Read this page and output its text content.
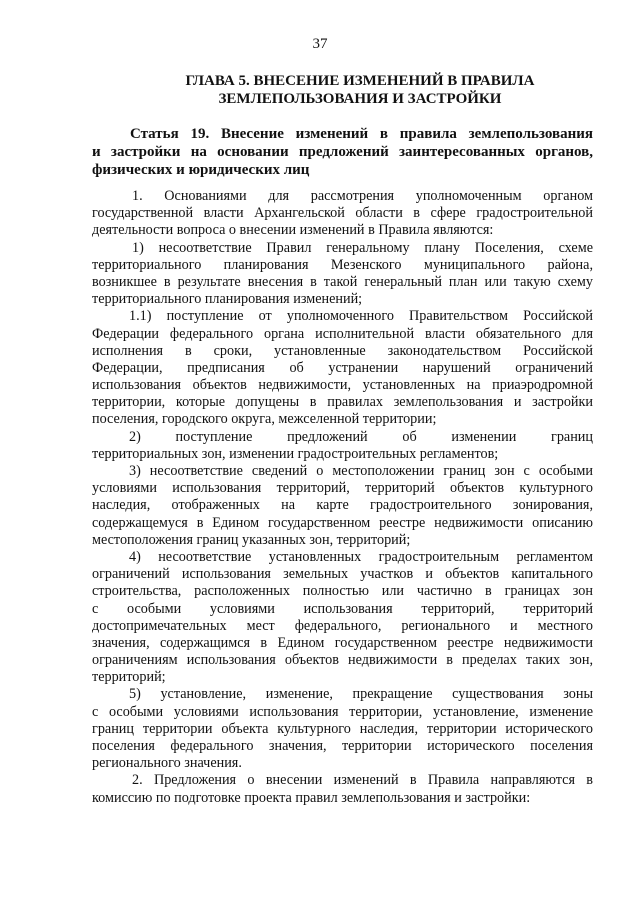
37
ГЛАВА 5. ВНЕСЕНИЕ ИЗМЕНЕНИЙ В ПРАВИЛА
ЗЕМЛЕПОЛЬЗОВАНИЯ И ЗАСТРОЙКИ
Статья 19. Внесение изменений в правила землепользования
и застройки на основании предложений заинтересованных органов,
физических и юридических лиц
1. Основаниями для рассмотрения уполномоченным органом
государственной власти Архангельской области в сфере градостроительной
деятельности вопроса о внесении изменений в Правила являются:
1) несоответствие Правил генеральному плану Поселения, схеме
территориального планирования Мезенского муниципального района,
возникшее в результате внесения в такой генеральный план или такую схему
территориального планирования изменений;
1.1) поступление от уполномоченного Правительством Российской
Федерации федерального органа исполнительной власти обязательного для
исполнения в сроки, установленные законодательством Российской
Федерации, предписания об устранении нарушений ограничений
использования объектов недвижимости, установленных на приаэродромной
территории, которые допущены в правилах землепользования и застройки
поселения, городского округа, межселенной территории;
2) поступление предложений об изменении границ
территориальных зон, изменении градостроительных регламентов;
3) несоответствие сведений о местоположении границ зон с особыми
условиями использования территорий, территорий объектов культурного
наследия, отображенных на карте градостроительного зонирования,
содержащемуся в Едином государственном реестре недвижимости описанию
местоположения границ указанных зон, территорий;
4) несоответствие установленных градостроительным регламентом
ограничений использования земельных участков и объектов капитального
строительства, расположенных полностью или частично в границах зон
с особыми условиями использования территорий, территорий
достопримечательных мест федерального, регионального и местного
значения, содержащимся в Едином государственном реестре недвижимости
ограничениям использования объектов недвижимости в пределах таких зон,
территорий;
5) установление, изменение, прекращение существования зоны
с особыми условиями использования территории, установление, изменение
границ территории объекта культурного наследия, территории исторического
поселения федерального значения, территории исторического поселения
регионального значения.
2. Предложения о внесении изменений в Правила направляются в
комиссию по подготовке проекта правил землепользования и застройки:
